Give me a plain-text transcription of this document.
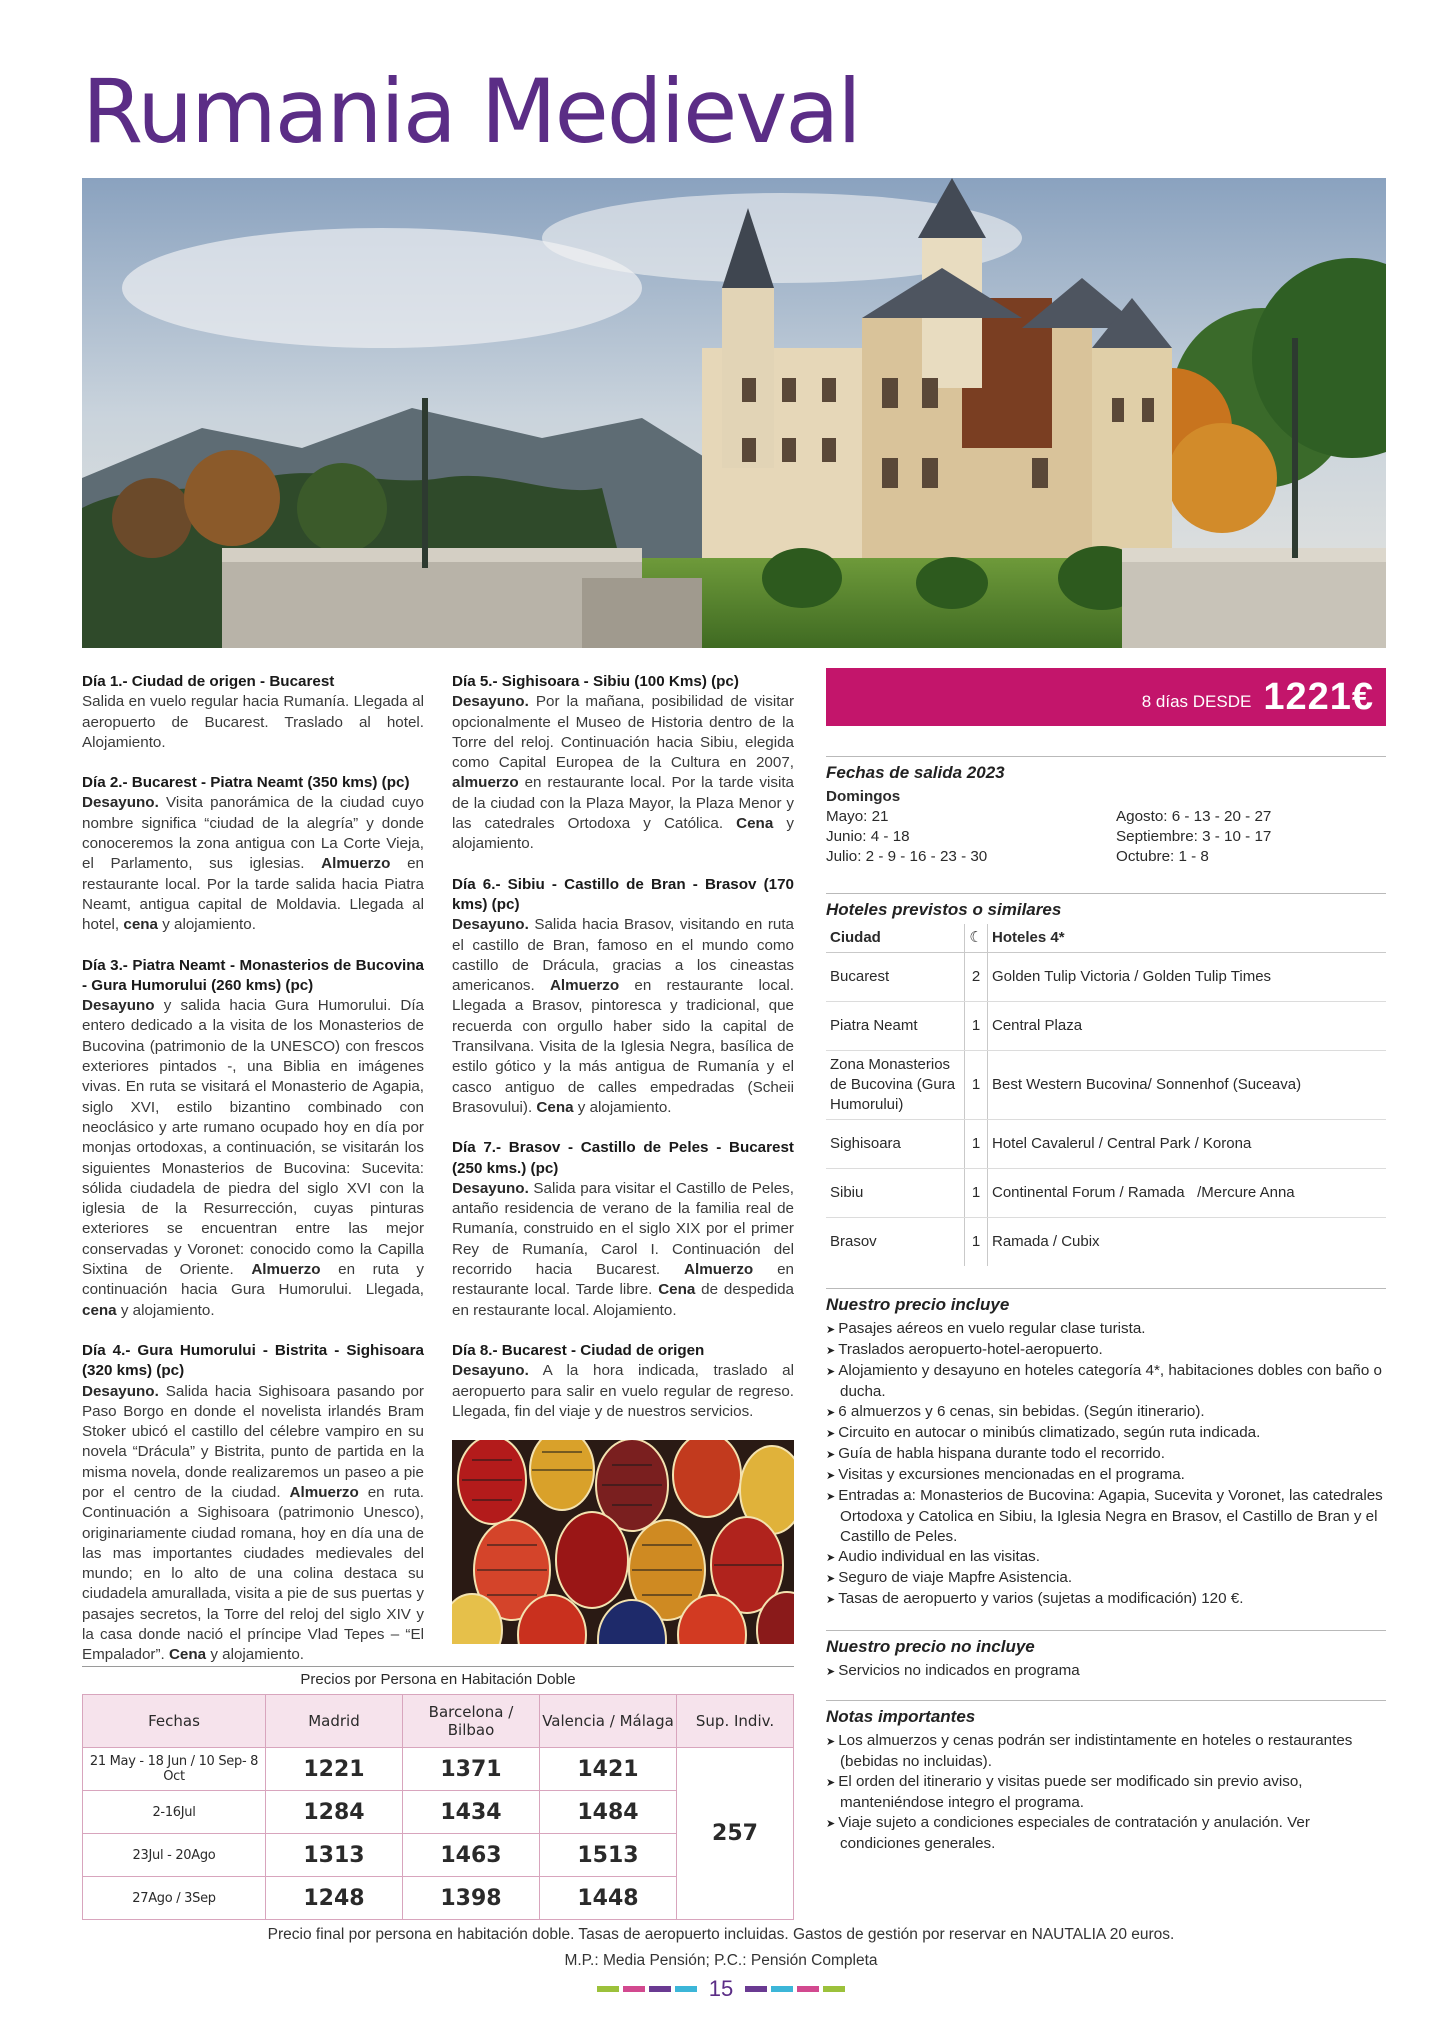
Rumania Medieval
Día 1.- Ciudad de origen - Bucarest
Salida en vuelo regular hacia Rumanía. Llegada al aeropuerto de Bucarest. Traslado al hotel. Alojamiento.
Día 2.- Bucarest - Piatra Neamt (350 kms) (pc)
Desayuno. Visita panorámica de la ciudad cuyo nombre significa “ciudad de la alegría” y donde conoceremos la zona antigua con La Corte Vieja, el Parlamento, sus iglesias. Almuerzo en restaurante local. Por la tarde salida hacia Piatra Neamt, antigua capital de Moldavia. Llegada al hotel, cena y alojamiento.
Día 3.- Piatra Neamt - Monasterios de Bucovina - Gura Humorului (260 kms) (pc)
Desayuno y salida hacia Gura Humorului. Día entero dedicado a la visita de los Monasterios de Bucovina (patrimonio de la UNESCO) con frescos exteriores pintados -, una Biblia en imágenes vivas. En ruta se visitará el Monasterio de Agapia, siglo XVI, estilo bizantino combinado con neoclásico y arte rumano ocupado hoy en día por monjas ortodoxas, a continuación, se visitarán los siguientes Monasterios de Bucovina: Sucevita: sólida ciudadela de piedra del siglo XVI con la iglesia de la Resurrección, cuyas pinturas exteriores se encuentran entre las mejor conservadas y Voronet: conocido como la Capilla Sixtina de Oriente. Almuerzo en ruta y continuación hacia Gura Humorului. Llegada, cena y alojamiento.
Día 4.- Gura Humorului - Bistrita - Sighisoara (320 kms) (pc)
Desayuno. Salida hacia Sighisoara pasando por Paso Borgo en donde el novelista irlandés Bram Stoker ubicó el castillo del célebre vampiro en su novela “Drácula” y Bistrita, punto de partida en la misma novela, donde realizaremos un paseo a pie por el centro de la ciudad. Almuerzo en ruta. Continuación a Sighisoara (patrimonio Unesco), originariamente ciudad romana, hoy en día una de las mas importantes ciudades medievales del mundo; en lo alto de una colina destaca su ciudadela amurallada, visita a pie de sus puertas y pasajes secretos, la Torre del reloj del siglo XIV y la casa donde nació el príncipe Vlad Tepes – “El Empalador”. Cena y alojamiento.
Día 5.- Sighisoara - Sibiu (100 Kms) (pc)
Desayuno. Por la mañana, posibilidad de visitar opcionalmente el Museo de Historia dentro de la Torre del reloj. Continuación hacia Sibiu, elegida como Capital Europea de la Cultura en 2007, almuerzo en restaurante local. Por la tarde visita de la ciudad con la Plaza Mayor, la Plaza Menor y las catedrales Ortodoxa y Católica. Cena y alojamiento.
Día 6.- Sibiu - Castillo de Bran - Brasov (170 kms) (pc)
Desayuno. Salida hacia Brasov, visitando en ruta el castillo de Bran, famoso en el mundo como castillo de Drácula, gracias a los cineastas americanos. Almuerzo en restaurante local. Llegada a Brasov, pintoresca y tradicional, que recuerda con orgullo haber sido la capital de Transilvana. Visita de la Iglesia Negra, basílica de estilo gótico y la más antigua de Rumanía y el casco antiguo de calles empedradas (Scheii Brasovului). Cena y alojamiento.
Día 7.- Brasov - Castillo de Peles - Bucarest (250 kms.) (pc)
Desayuno. Salida para visitar el Castillo de Peles, antaño residencia de verano de la familia real de Rumanía, construido en el siglo XIX por el primer Rey de Rumanía, Carol I. Continuación del recorrido hacia Bucarest. Almuerzo en restaurante local. Tarde libre. Cena de despedida en restaurante local. Alojamiento.
Día 8.- Bucarest - Ciudad de origen
Desayuno. A la hora indicada, traslado al aeropuerto para salir en vuelo regular de regreso. Llegada, fin del viaje y de nuestros servicios.
8 días DESDE 1221€
Fechas de salida 2023
Domingos
Mayo: 21
Junio: 4 - 18
Julio: 2 - 9 - 16 - 23 - 30
Agosto: 6 - 13 - 20 - 27
Septiembre: 3 - 10 - 17
Octubre: 1 - 8
Hoteles previstos o similares
Ciudad	☾	Hoteles 4*
Bucarest	2	Golden Tulip Victoria / Golden Tulip Times
Piatra Neamt	1	Central Plaza
Zona Monasterios de Bucovina (Gura Humorului)	1	Best Western Bucovina/ Sonnenhof (Suceava)
Sighisoara	1	Hotel Cavalerul / Central Park / Korona
Sibiu	1	Continental Forum / Ramada   /Mercure Anna
Brasov	1	Ramada / Cubix
Nuestro precio incluye
➤ Pasajes aéreos en vuelo regular clase turista.
➤ Traslados aeropuerto-hotel-aeropuerto.
➤ Alojamiento y desayuno en hoteles categoría 4*, habitaciones dobles con baño o ducha.
➤ 6 almuerzos y 6 cenas, sin bebidas. (Según itinerario).
➤ Circuito en autocar o minibús climatizado, según ruta indicada.
➤ Guía de habla hispana durante todo el recorrido.
➤ Visitas y excursiones mencionadas en el programa.
➤ Entradas a: Monasterios de Bucovina: Agapia, Sucevita y Voronet, las catedrales Ortodoxa y Catolica en Sibiu, la Iglesia Negra en Brasov, el Castillo de Bran y el Castillo de Peles.
➤ Audio individual en las visitas.
➤ Seguro de viaje Mapfre Asistencia.
➤ Tasas de aeropuerto y varios (sujetas a modificación) 120 €.
Nuestro precio no incluye
➤ Servicios no indicados en programa
Notas importantes
➤ Los almuerzos y cenas podrán ser indistintamente en hoteles o restaurantes (bebidas no incluidas).
➤ El orden del itinerario y visitas puede ser modificado sin previo aviso, manteniéndose integro el programa.
➤ Viaje sujeto a condiciones especiales de contratación y anulación. Ver condiciones generales.
Precios por Persona en Habitación Doble
Fechas	Madrid	Barcelona / Bilbao	Valencia / Málaga	Sup. Indiv.
21 May - 18 Jun / 10 Sep- 8 Oct	1221	1371	1421	257
2-16Jul	1284	1434	1484	
23Jul - 20Ago	1313	1463	1513	
27Ago / 3Sep	1248	1398	1448	
Precio final por persona en habitación doble. Tasas de aeropuerto incluidas. Gastos de gestión por reservar en NAUTALIA 20 euros.
M.P.: Media Pensión; P.C.: Pensión Completa
15
